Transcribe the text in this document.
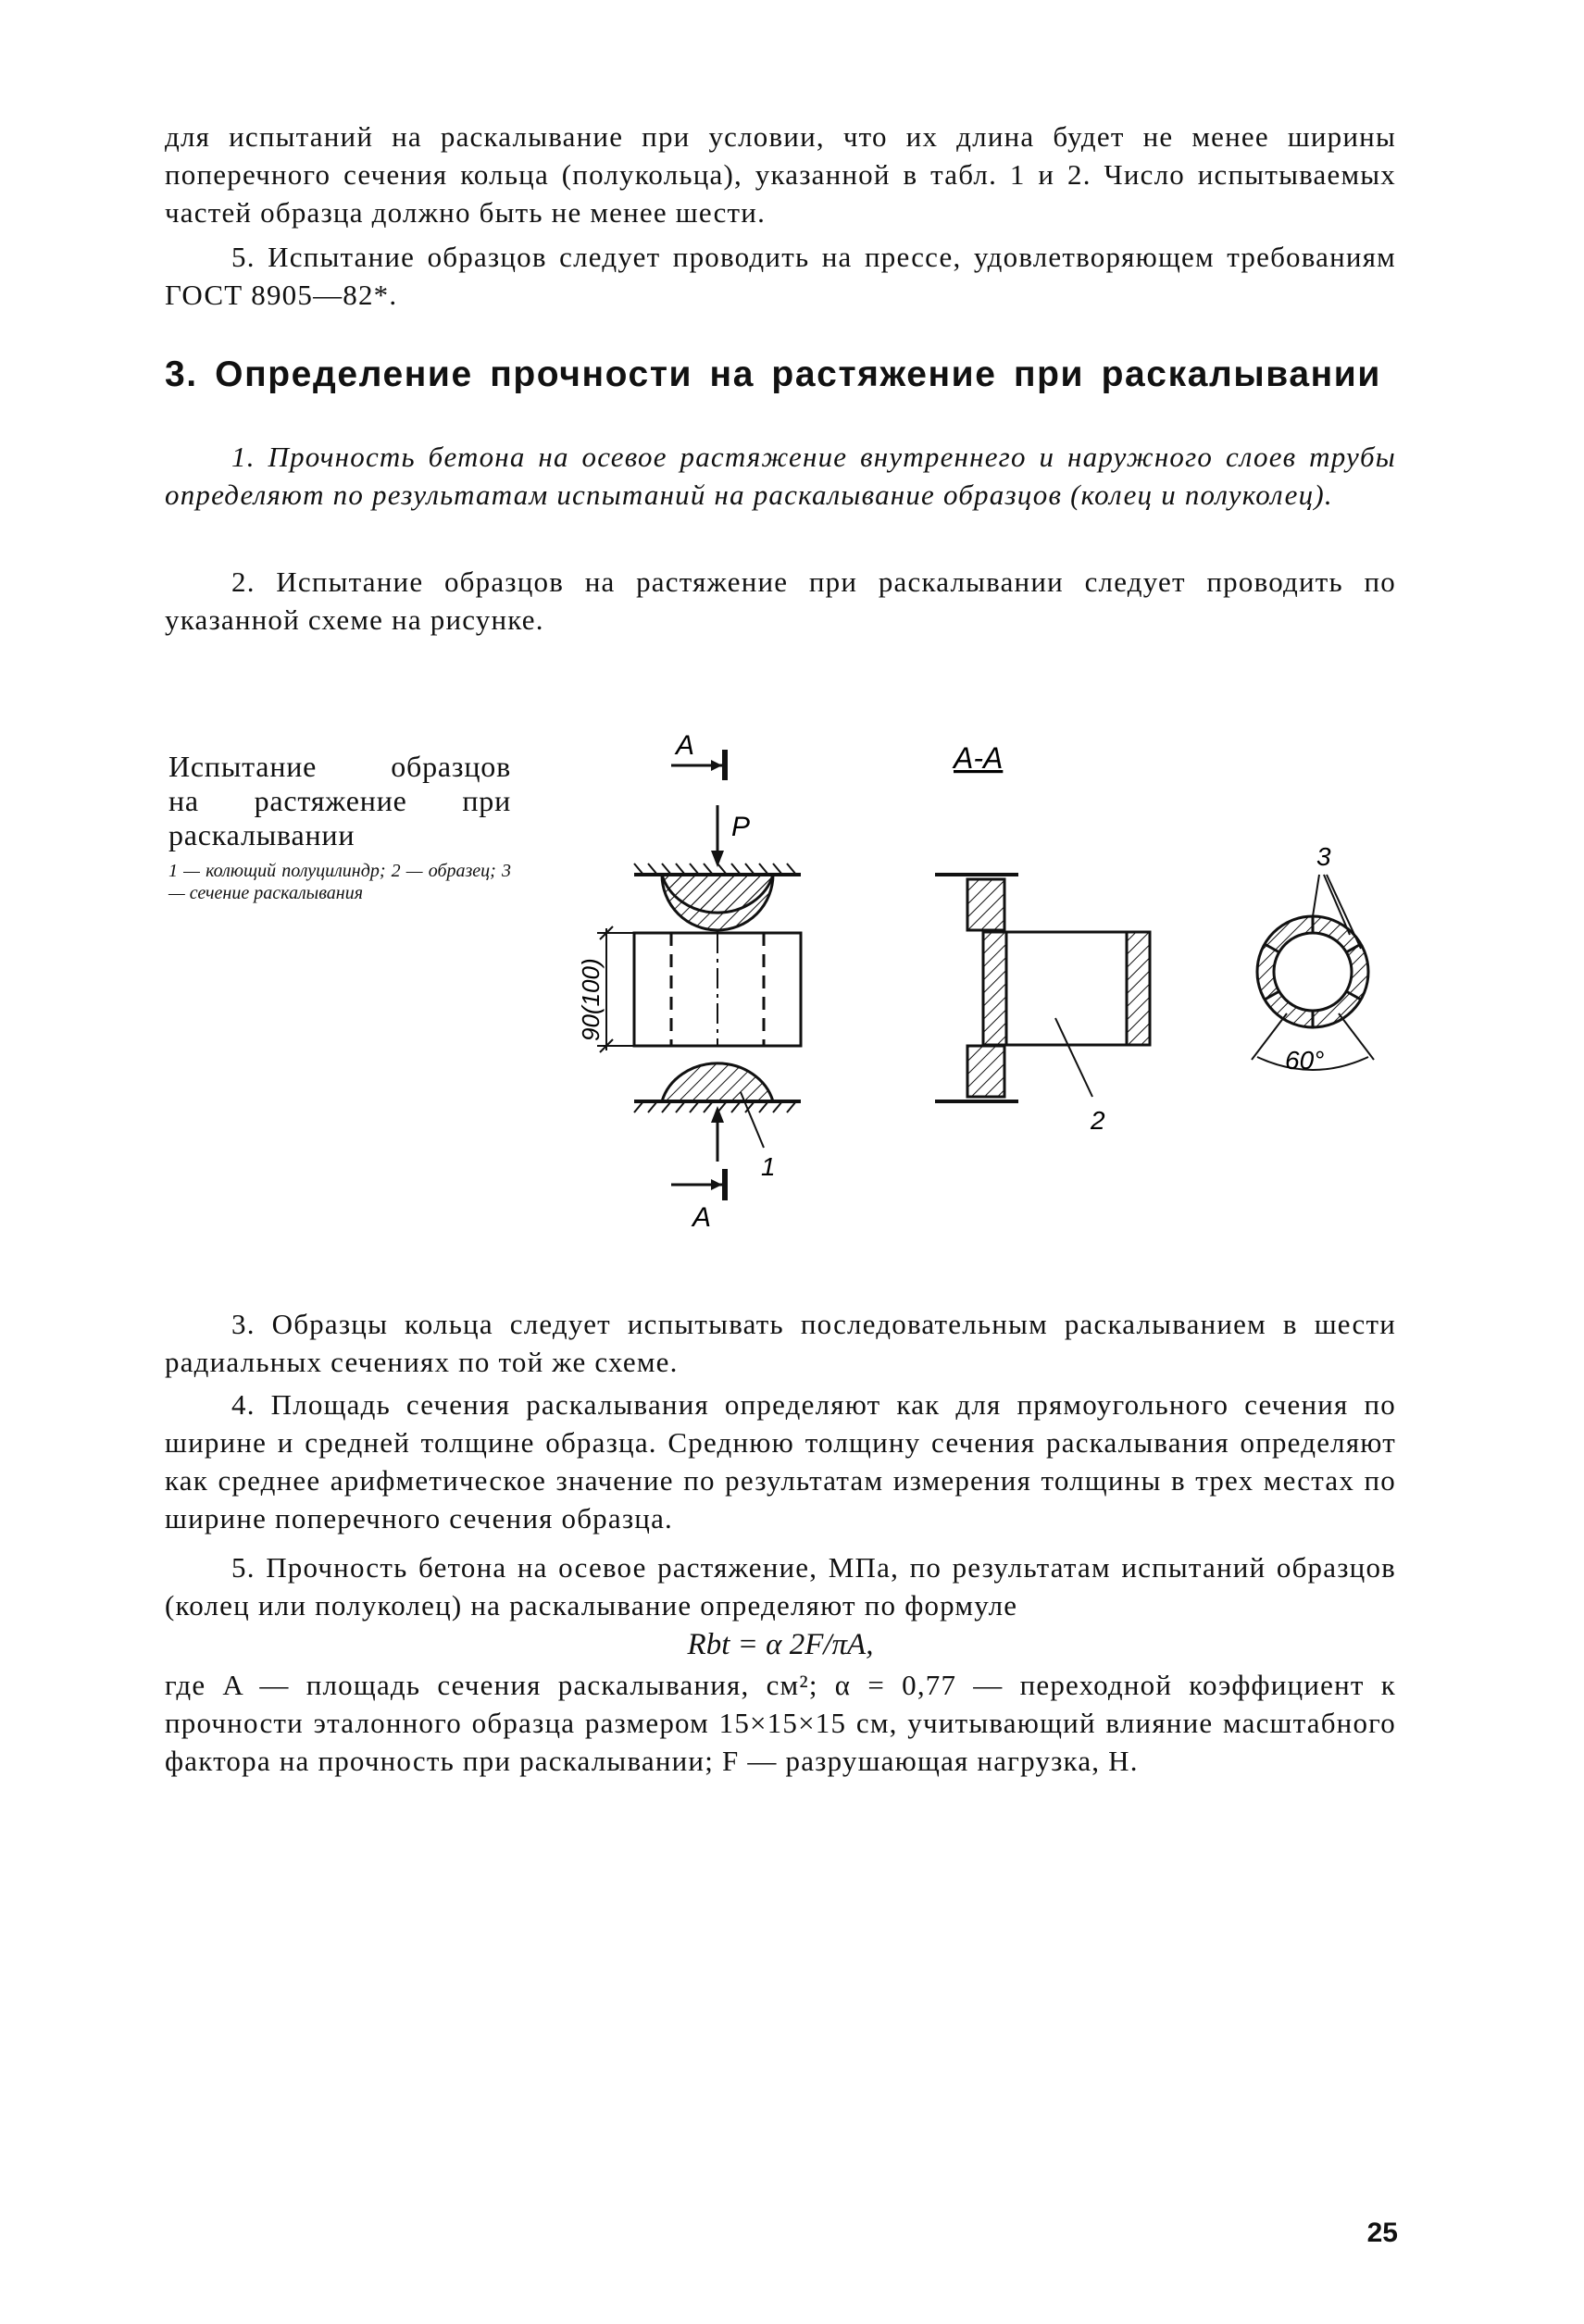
для испытаний на раскалывание при условии, что их длина будет не менее ширины поперечного сечения кольца (полукольца), указанной в табл. 1 и 2. Число испытываемых частей образца должно быть не менее шести.
5. Испытание образцов следует проводить на прессе, удовлетворяющем требованиям ГОСТ 8905—82*.
3. Определение прочности на растяжение при раскалывании
1. Прочность бетона на осевое растяжение внутреннего и наружного слоев трубы определяют по результатам испытаний на раскалывание образцов (колец и полуколец).
2. Испытание образцов на растяжение при раскалывании следует проводить по указанной схеме на рисунке.
Испытание образцов
на растяжение при
раскалывании
1 — колющий полуцилиндр; 2 — образец; 3 — сечение раскалывания
А
P
90(100)
1
А
А-А
2
3
60°
3. Образцы кольца следует испытывать последовательным раскалыванием в шести радиальных сечениях по той же схеме.
4. Площадь сечения раскалывания определяют как для прямоугольного сечения по ширине и средней толщине образца. Среднюю толщину сечения раскалывания определяют как среднее арифметическое значение по результатам измерения толщины в трех местах по ширине поперечного сечения образца.
5. Прочность бетона на осевое растяжение, МПа, по результатам испытаний образцов (колец или полуколец) на раскалывание определяют по формуле
Rbt = α 2F/πA,
где A — площадь сечения раскалывания, см²; α = 0,77 — переходной коэффициент к прочности эталонного образца размером 15×15×15 см, учитывающий влияние масштабного фактора на прочность при раскалывании; F — разрушающая нагрузка, Н.
25
